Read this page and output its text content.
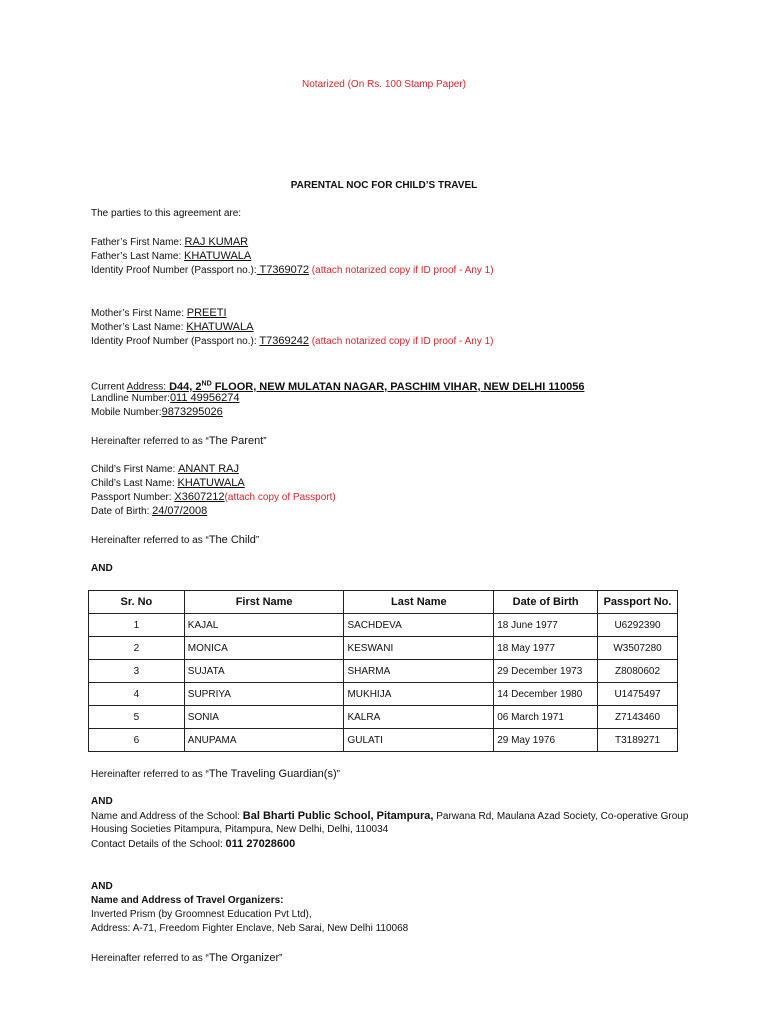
Notarized (On Rs. 100 Stamp Paper)
PARENTAL NOC FOR CHILD’S TRAVEL
The parties to this agreement are:
Father’s First Name: RAJ KUMAR
Father’s Last Name: KHATUWALA
Identity Proof Number (Passport no.): T7369072 (attach notarized copy if ID proof - Any 1)
Mother’s First Name: PREETI
Mother’s Last Name: KHATUWALA
Identity Proof Number (Passport no.): T7369242 (attach notarized copy if ID proof - Any 1)
Current Address: D44, 2ND FLOOR, NEW MULATAN NAGAR, PASCHIM VIHAR, NEW DELHI 110056
Landline Number:011 49956274
Mobile Number:9873295026
Hereinafter referred to as “The Parent”
Child’s First Name: ANANT RAJ
Child’s Last Name: KHATUWALA
Passport Number: X3607212(attach copy of Passport)
Date of Birth: 24/07/2008
Hereinafter referred to as “The Child”
AND
Sr. No	First Name	Last Name	Date of Birth	Passport No.
1	KAJAL	SACHDEVA	18 June 1977	U6292390
2	MONICA	KESWANI	18 May 1977	W3507280
3	SUJATA	SHARMA	29 December 1973	Z8080602
4	SUPRIYA	MUKHIJA	14 December 1980	U1475497
5	SONIA	KALRA	06 March 1971	Z7143460
6	ANUPAMA	GULATI	29 May 1976	T3189271
Hereinafter referred to as “The Traveling Guardian(s)”
AND
Name and Address of the School: Bal Bharti Public School, Pitampura, Parwana Rd, Maulana Azad Society, Co-operative Group
Housing Societies Pitampura, Pitampura, New Delhi, Delhi, 110034
Contact Details of the School: 011 27028600
AND
Name and Address of Travel Organizers:
Inverted Prism (by Groomnest Education Pvt Ltd),
Address: A-71, Freedom Fighter Enclave, Neb Sarai, New Delhi 110068
Hereinafter referred to as “The Organizer”
